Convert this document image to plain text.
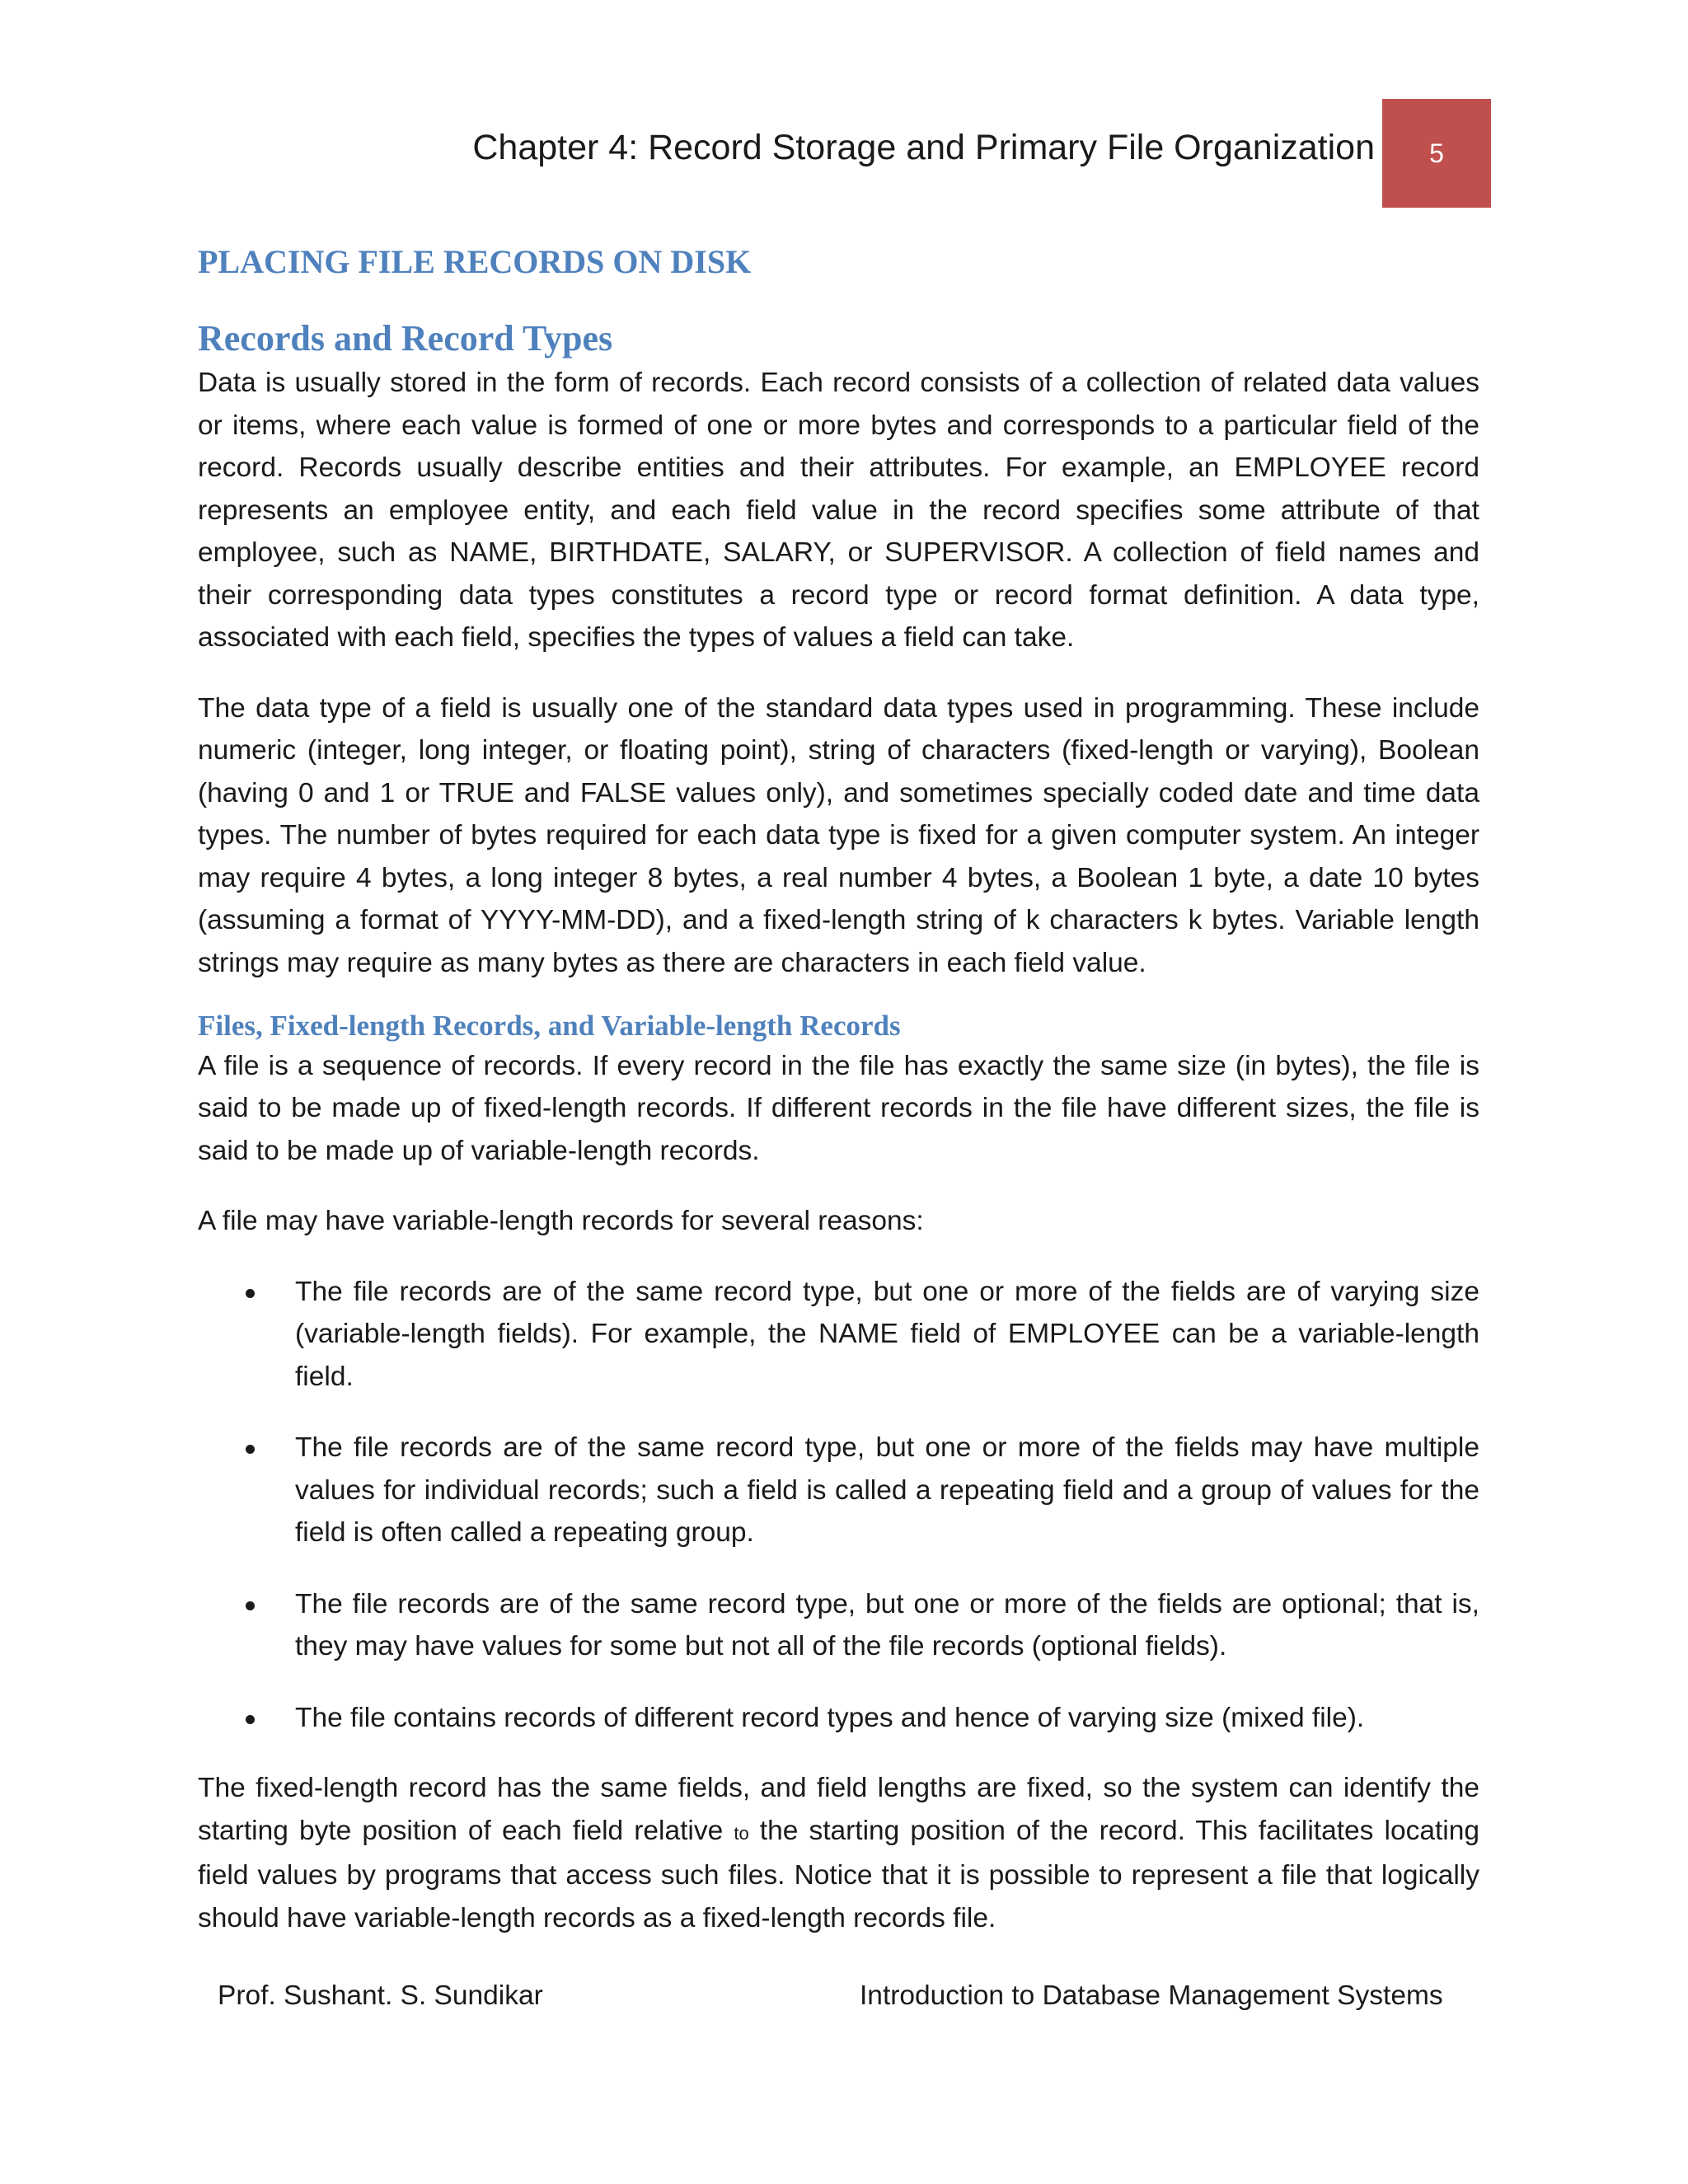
Chapter 4: Record Storage and Primary File Organization 5
PLACING FILE RECORDS ON DISK
Records and Record Types

Data is usually stored in the form of records. Each record consists of a collection of related data values or items, where each value is formed of one or more bytes and corresponds to a particular field of the record. Records usually describe entities and their attributes. For example, an EMPLOYEE record represents an employee entity, and each field value in the record specifies some attribute of that employee, such as NAME, BIRTHDATE, SALARY, or SUPERVISOR. A collection of field names and their corresponding data types constitutes a record type or record format definition. A data type, associated with each field, specifies the types of values a field can take.

The data type of a field is usually one of the standard data types used in programming. These include numeric (integer, long integer, or floating point), string of characters (fixed-length or varying), Boolean (having 0 and 1 or TRUE and FALSE values only), and sometimes specially coded date and time data types. The number of bytes required for each data type is fixed for a given computer system. An integer may require 4 bytes, a long integer 8 bytes, a real number 4 bytes, a Boolean 1 byte, a date 10 bytes (assuming a format of YYYY-MM-DD), and a fixed-length string of k characters k bytes. Variable length strings may require as many bytes as there are characters in each field value.

Files, Fixed-length Records, and Variable-length Records

A file is a sequence of records. If every record in the file has exactly the same size (in bytes), the file is said to be made up of fixed-length records. If different records in the file have different sizes, the file is said to be made up of variable-length records.

A file may have variable-length records for several reasons:

The file records are of the same record type, but one or more of the fields are of varying size (variable-length fields). For example, the NAME field of EMPLOYEE can be a variable-length field.
The file records are of the same record type, but one or more of the fields may have multiple values for individual records; such a field is called a repeating field and a group of values for the field is often called a repeating group.
The file records are of the same record type, but one or more of the fields are optional; that is, they may have values for some but not all of the file records (optional fields).
The file contains records of different record types and hence of varying size (mixed file).

The fixed-length record has the same fields, and field lengths are fixed, so the system can identify the starting byte position of each field relative to the starting position of the record. This facilitates locating field values by programs that access such files. Notice that it is possible to represent a file that logically should have variable-length records as a fixed-length records file.

Prof. Sushant. S. Sundikar	Introduction to Database Management Systems
